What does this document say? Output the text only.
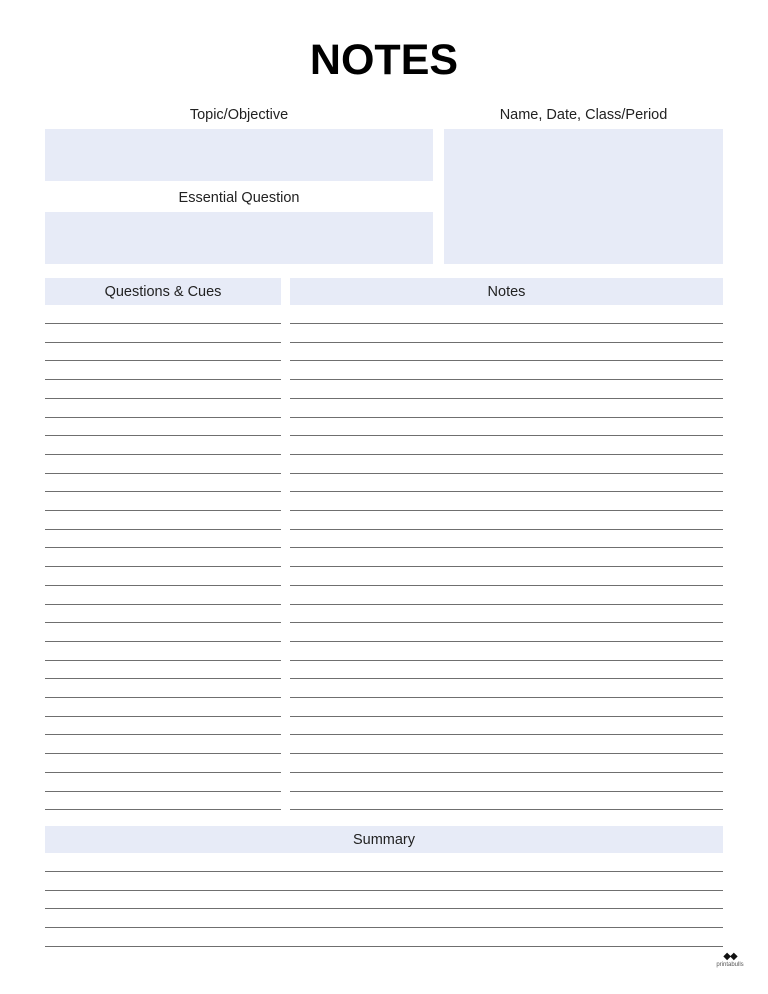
NOTES
Topic/Objective
Essential Question
Name, Date, Class/Period
Questions & Cues	Notes
Summary
◆◆
printabulls
